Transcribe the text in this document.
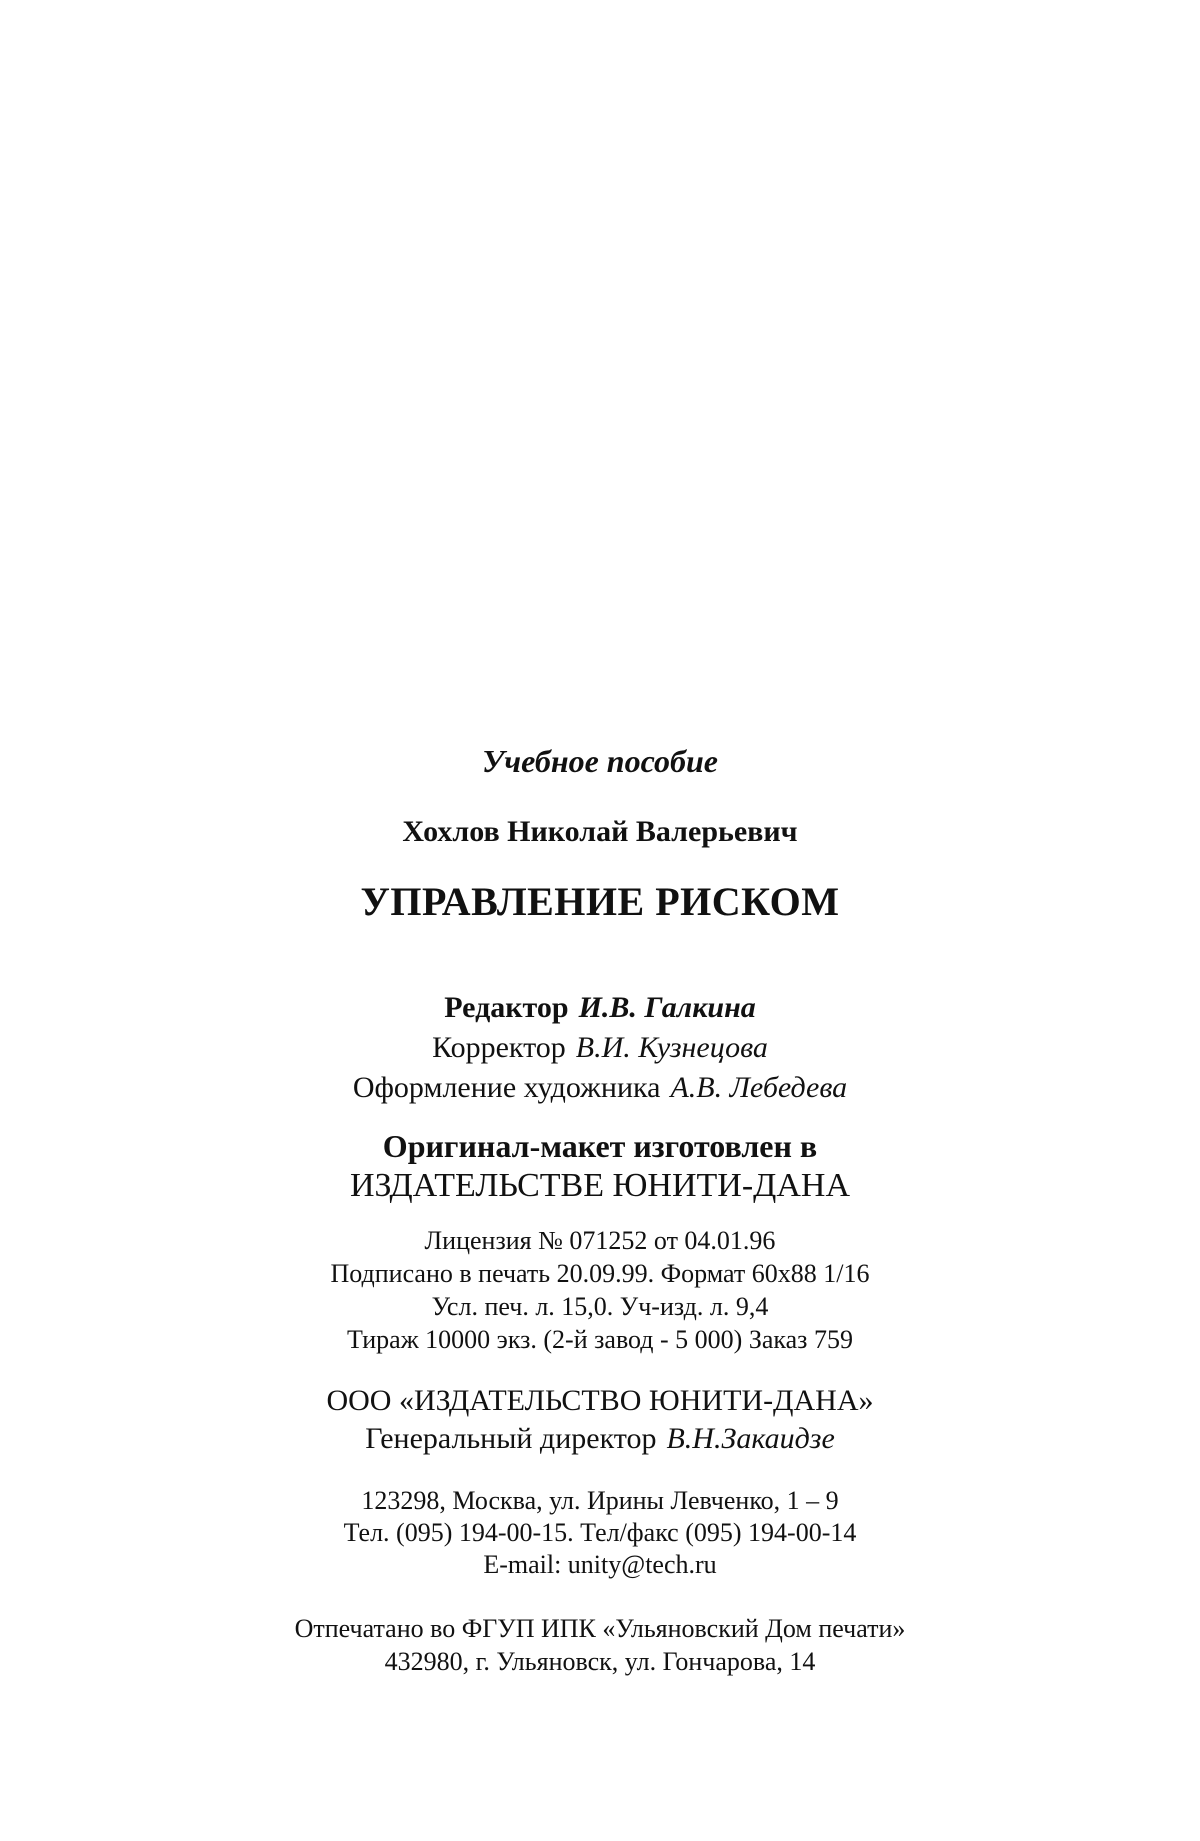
Учебное пособие
Хохлов Николай Валерьевич
УПРАВЛЕНИЕ РИСКОМ
Редактор И.В. Галкина
Корректор В.И. Кузнецова
Оформление художника А.В. Лебедева
Оригинал-макет изготовлен в
ИЗДАТЕЛЬСТВЕ ЮНИТИ-ДАНА
Лицензия № 071252 от 04.01.96
Подписано в печать 20.09.99. Формат 60х88 1/16
Усл. печ. л. 15,0. Уч-изд. л. 9,4
Тираж 10000 экз. (2-й завод - 5 000) Заказ 759
ООО «ИЗДАТЕЛЬСТВО ЮНИТИ-ДАНА»
Генеральный директор В.Н.Закаидзе
123298, Москва, ул. Ирины Левченко, 1 – 9
Тел. (095) 194-00-15. Тел/факс (095) 194-00-14
E-mail: unity@tech.ru
Отпечатано во ФГУП ИПК «Ульяновский Дом печати»
432980, г. Ульяновск, ул. Гончарова, 14
